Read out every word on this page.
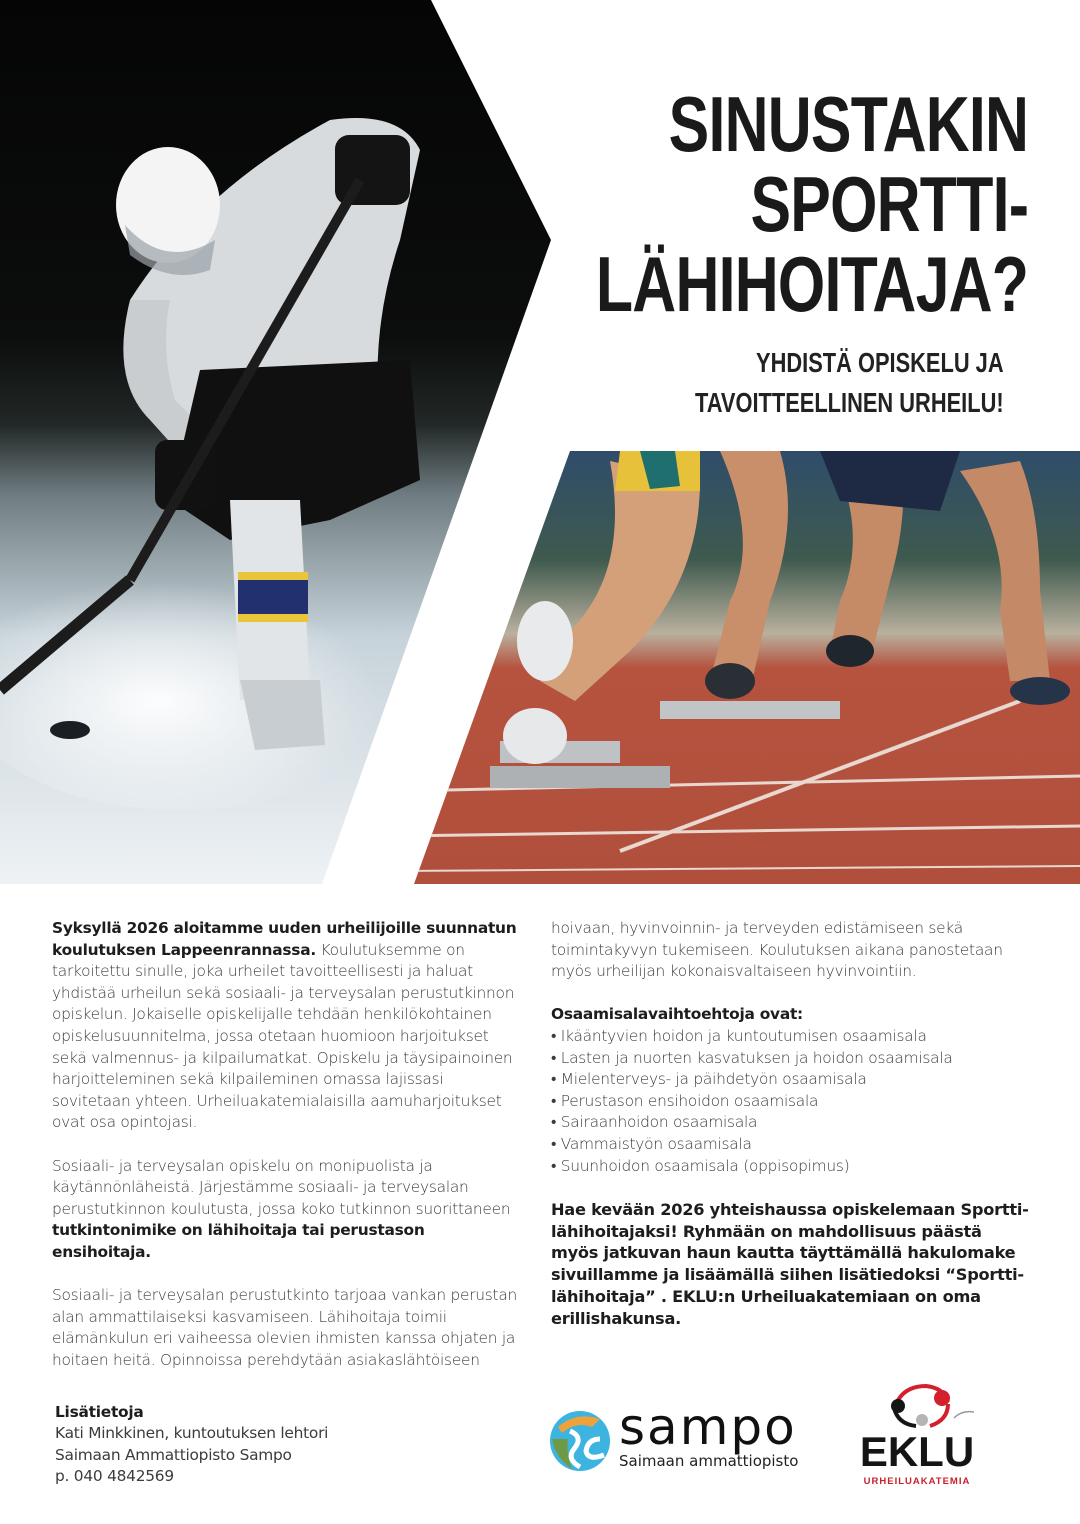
SINUSTAKIN
SPORTTI-
LÄHIHOITAJA?
YHDISTÄ OPISKELU JA
TAVOITTEELLINEN URHEILU!

Syksyllä 2026 aloitamme uuden urheilijoille suunnatun koulutuksen Lappeenrannassa. Koulutuksemme on tarkoitettu sinulle, joka urheilet tavoitteellisesti ja haluat yhdistää urheilun sekä sosiaali- ja terveysalan perustutkinnon opiskelun. Jokaiselle opiskelijalle tehdään henkilökohtainen opiskelusuunnitelma, jossa otetaan huomioon harjoitukset sekä valmennus- ja kilpailumatkat. Opiskelu ja täysipainoinen harjoitteleminen sekä kilpaileminen omassa lajissasi sovitetaan yhteen. Urheiluakatemialaisilla aamuharjoitukset ovat osa opintojasi.

Sosiaali- ja terveysalan opiskelu on monipuolista ja käytännönläheistä. Järjestämme sosiaali- ja terveysalan perustutkinnon koulutusta, jossa koko tutkinnon suorittaneen tutkintonimike on lähihoitaja tai perustason ensihoitaja.

Sosiaali- ja terveysalan perustutkinto tarjoaa vankan perustan alan ammattilaiseksi kasvamiseen. Lähihoitaja toimii elämänkulun eri vaiheessa olevien ihmisten kanssa ohjaten ja hoitaen heitä. Opinnoissa perehdytään asiakaslähtöiseen

hoivaan, hyvinvoinnin- ja terveyden edistämiseen sekä toimintakyvyn tukemiseen. Koulutuksen aikana panostetaan myös urheilijan kokonaisvaltaiseen hyvinvointiin.

Osaamisalavaihtoehtoja ovat:
• Ikääntyvien hoidon ja kuntoutumisen osaamisala
• Lasten ja nuorten kasvatuksen ja hoidon osaamisala
• Mielenterveys- ja päihdetyön osaamisala
• Perustason ensihoidon osaamisala
• Sairaanhoidon osaamisala
• Vammaistyön osaamisala
• Suunhoidon osaamisala (oppisopimus)
Hae kevään 2026 yhteishaussa opiskelemaan Sportti-lähihoitajaksi! Ryhmään on mahdollisuus päästä myös jatkuvan haun kautta täyttämällä hakulomake sivuillamme ja lisäämällä siihen lisätiedoksi “Sportti-lähihoitaja” . EKLU:n Urheiluakatemiaan on oma erillishakunsa.
Lisätietoja
Kati Minkkinen, kuntoutuksen lehtori
Saimaan Ammattiopisto Sampo
p. 040 4842569
sampo
Saimaan ammattiopisto EKLU
URHEILUAKATEMIA
